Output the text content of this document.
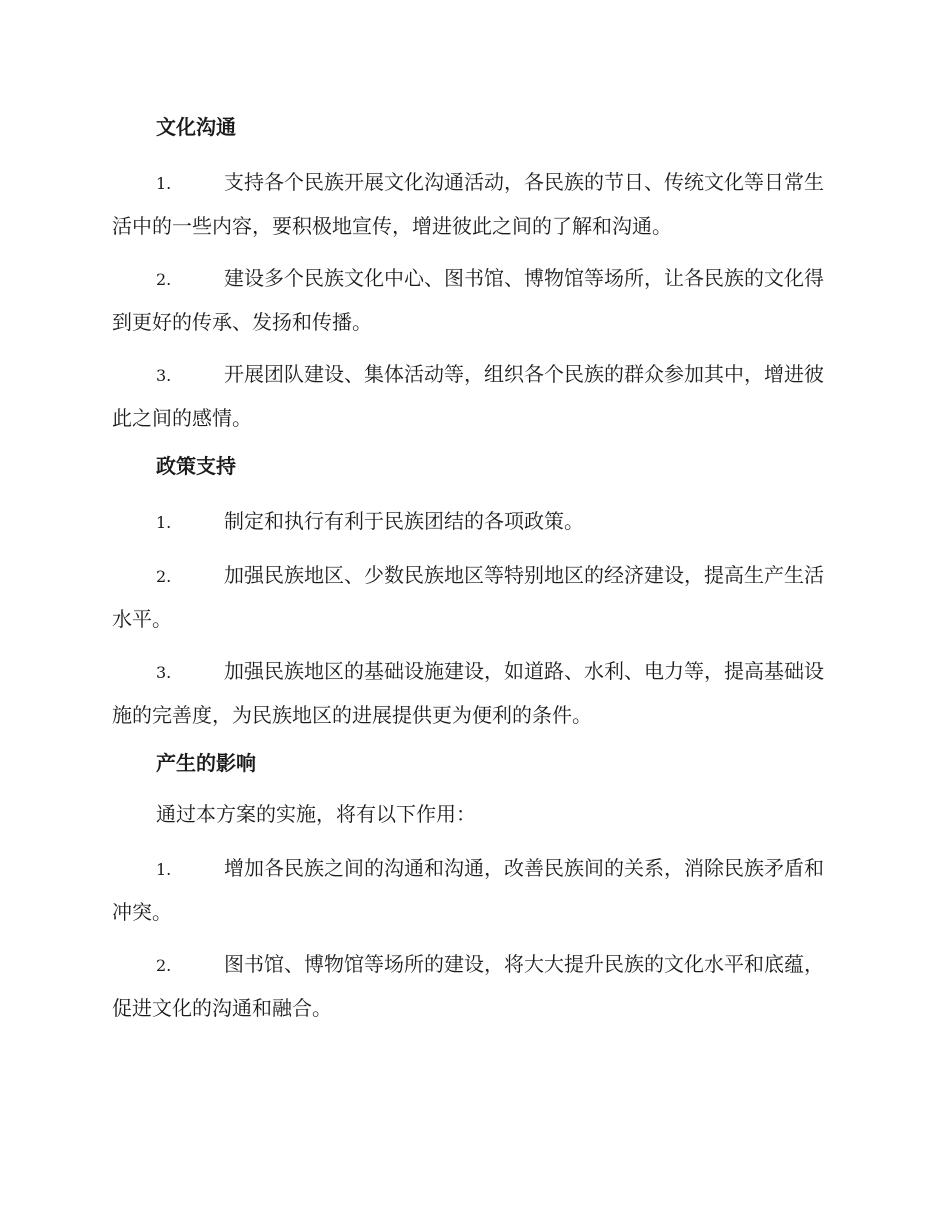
文化沟通
1.	支持各个民族开展文化沟通活动，各民族的节日、传统文化等日常生活中的一些内容，要积极地宣传，增进彼此之间的了解和沟通。
2.	建设多个民族文化中心、图书馆、博物馆等场所，让各民族的文化得到更好的传承、发扬和传播。
3.	开展团队建设、集体活动等，组织各个民族的群众参加其中，增进彼此之间的感情。
政策支持
1.	制定和执行有利于民族团结的各项政策。
2.	加强民族地区、少数民族地区等特别地区的经济建设，提高生产生活水平。
3.	加强民族地区的基础设施建设，如道路、水利、电力等，提高基础设施的完善度，为民族地区的进展提供更为便利的条件。
产生的影响
通过本方案的实施，将有以下作用：
1.	增加各民族之间的沟通和沟通，改善民族间的关系，消除民族矛盾和冲突。
2.	图书馆、博物馆等场所的建设，将大大提升民族的文化水平和底蕴，促进文化的沟通和融合。
